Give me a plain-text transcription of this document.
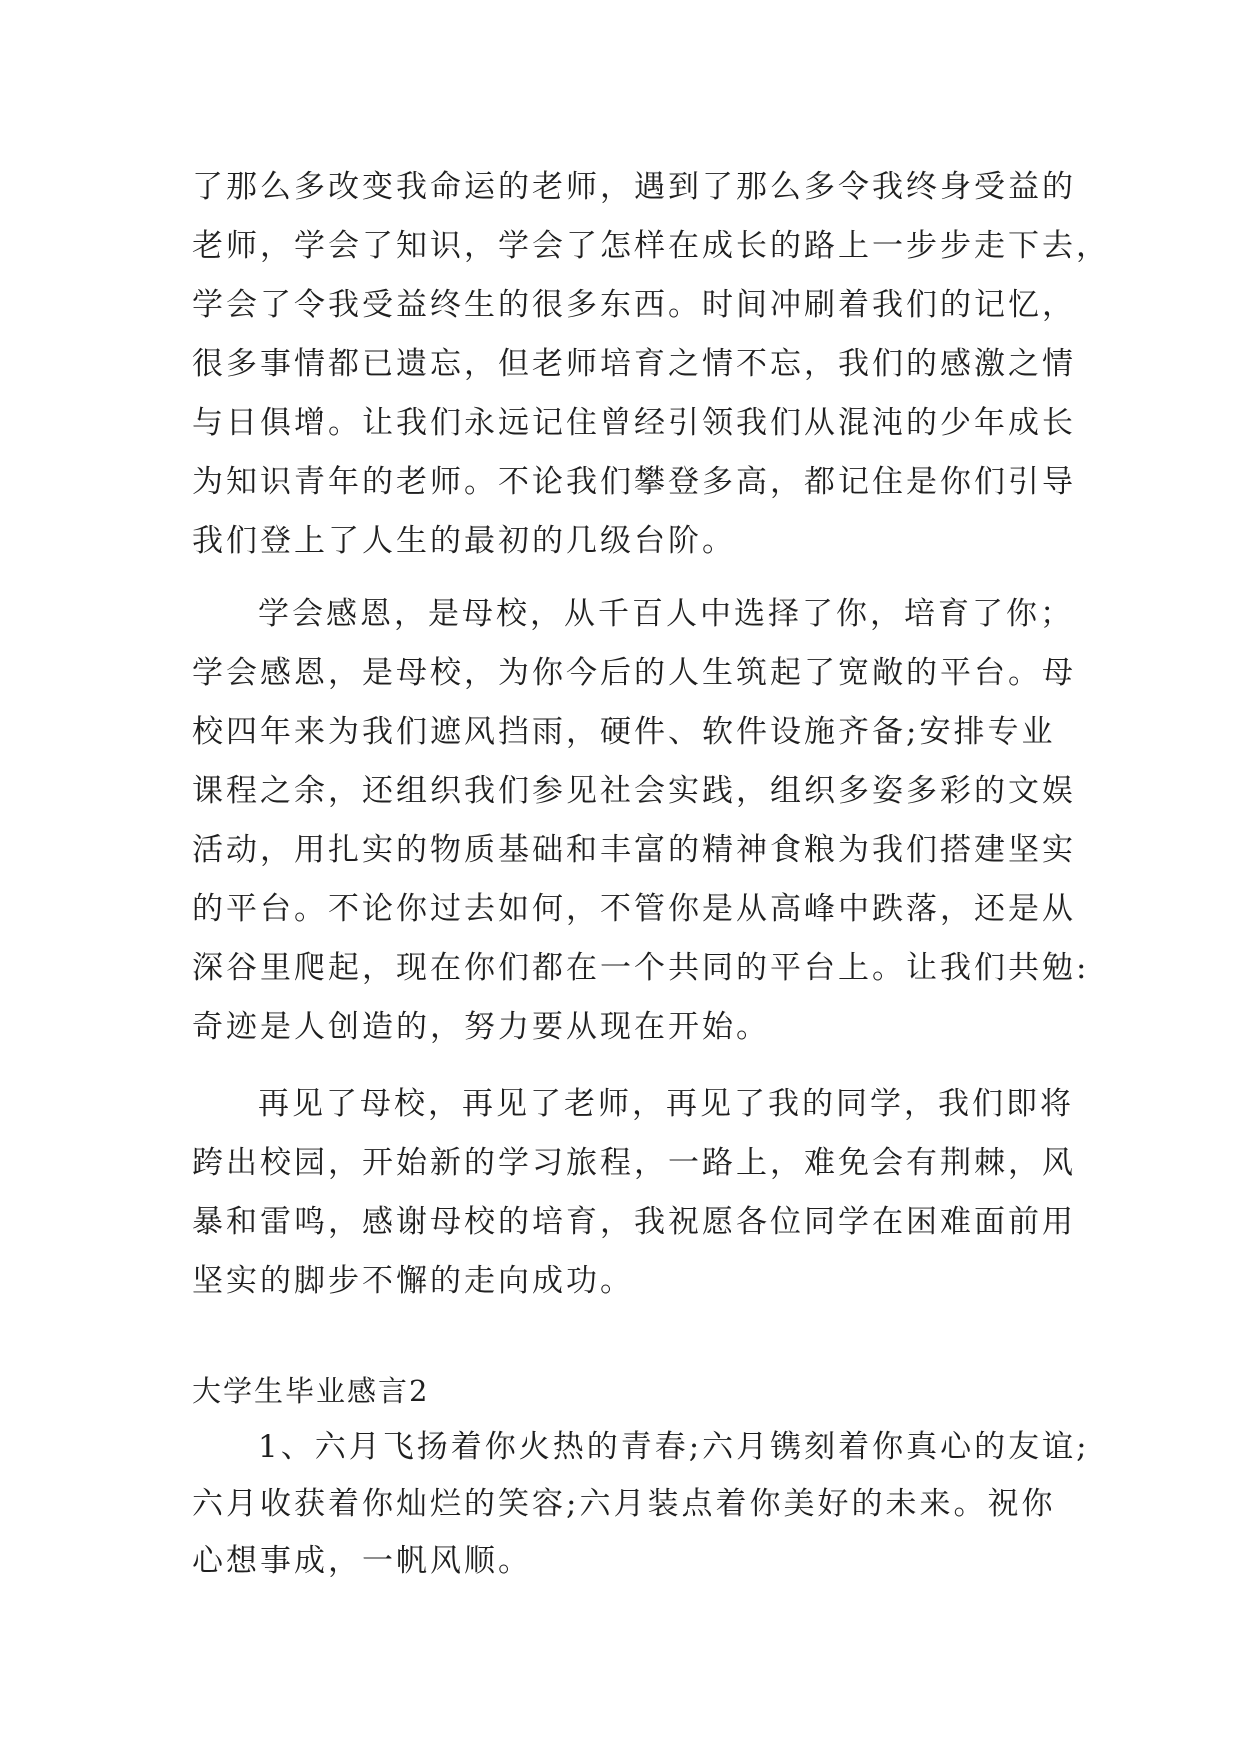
了那么多改变我命运的老师，遇到了那么多令我终身受益的
老师，学会了知识，学会了怎样在成长的路上一步步走下去，
学会了令我受益终生的很多东西。时间冲刷着我们的记忆，
很多事情都已遗忘，但老师培育之情不忘，我们的感激之情
与日俱增。让我们永远记住曾经引领我们从混沌的少年成长
为知识青年的老师。不论我们攀登多高，都记住是你们引导
我们登上了人生的最初的几级台阶。
学会感恩，是母校，从千百人中选择了你，培育了你；
学会感恩，是母校，为你今后的人生筑起了宽敞的平台。母
校四年来为我们遮风挡雨，硬件、软件设施齐备;安排专业
课程之余，还组织我们参见社会实践，组织多姿多彩的文娱
活动，用扎实的物质基础和丰富的精神食粮为我们搭建坚实
的平台。不论你过去如何，不管你是从高峰中跌落，还是从
深谷里爬起，现在你们都在一个共同的平台上。让我们共勉:
奇迹是人创造的，努力要从现在开始。
再见了母校，再见了老师，再见了我的同学，我们即将
跨出校园，开始新的学习旅程，一路上，难免会有荆棘，风
暴和雷鸣，感谢母校的培育，我祝愿各位同学在困难面前用
坚实的脚步不懈的走向成功。
大学生毕业感言2
1、六月飞扬着你火热的青春;六月镌刻着你真心的友谊;
六月收获着你灿烂的笑容;六月装点着你美好的未来。祝你
心想事成，一帆风顺。
